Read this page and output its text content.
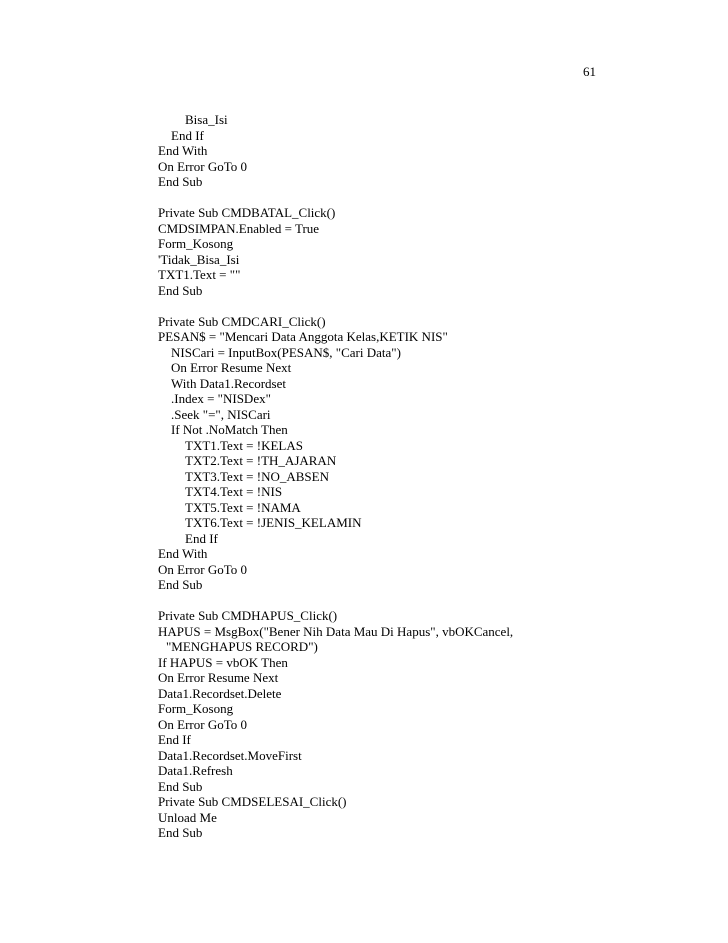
61
Bisa_Isi
End If
End With
On Error GoTo 0
End Sub
Private Sub CMDBATAL_Click()
CMDSIMPAN.Enabled = True
Form_Kosong
'Tidak_Bisa_Isi
TXT1.Text = ""
End Sub
Private Sub CMDCARI_Click()
PESAN$ = "Mencari Data Anggota Kelas,KETIK NIS"
NISCari = InputBox(PESAN$, "Cari Data")
On Error Resume Next
With Data1.Recordset
.Index = "NISDex"
.Seek "=", NISCari
If Not .NoMatch Then
TXT1.Text = !KELAS
TXT2.Text = !TH_AJARAN
TXT3.Text = !NO_ABSEN
TXT4.Text = !NIS
TXT5.Text = !NAMA
TXT6.Text = !JENIS_KELAMIN
End If
End With
On Error GoTo 0
End Sub
Private Sub CMDHAPUS_Click()
HAPUS = MsgBox("Bener Nih Data Mau Di Hapus", vbOKCancel,
"MENGHAPUS RECORD")
If HAPUS = vbOK Then
On Error Resume Next
Data1.Recordset.Delete
Form_Kosong
On Error GoTo 0
End If
Data1.Recordset.MoveFirst
Data1.Refresh
End Sub
Private Sub CMDSELESAI_Click()
Unload Me
End Sub
